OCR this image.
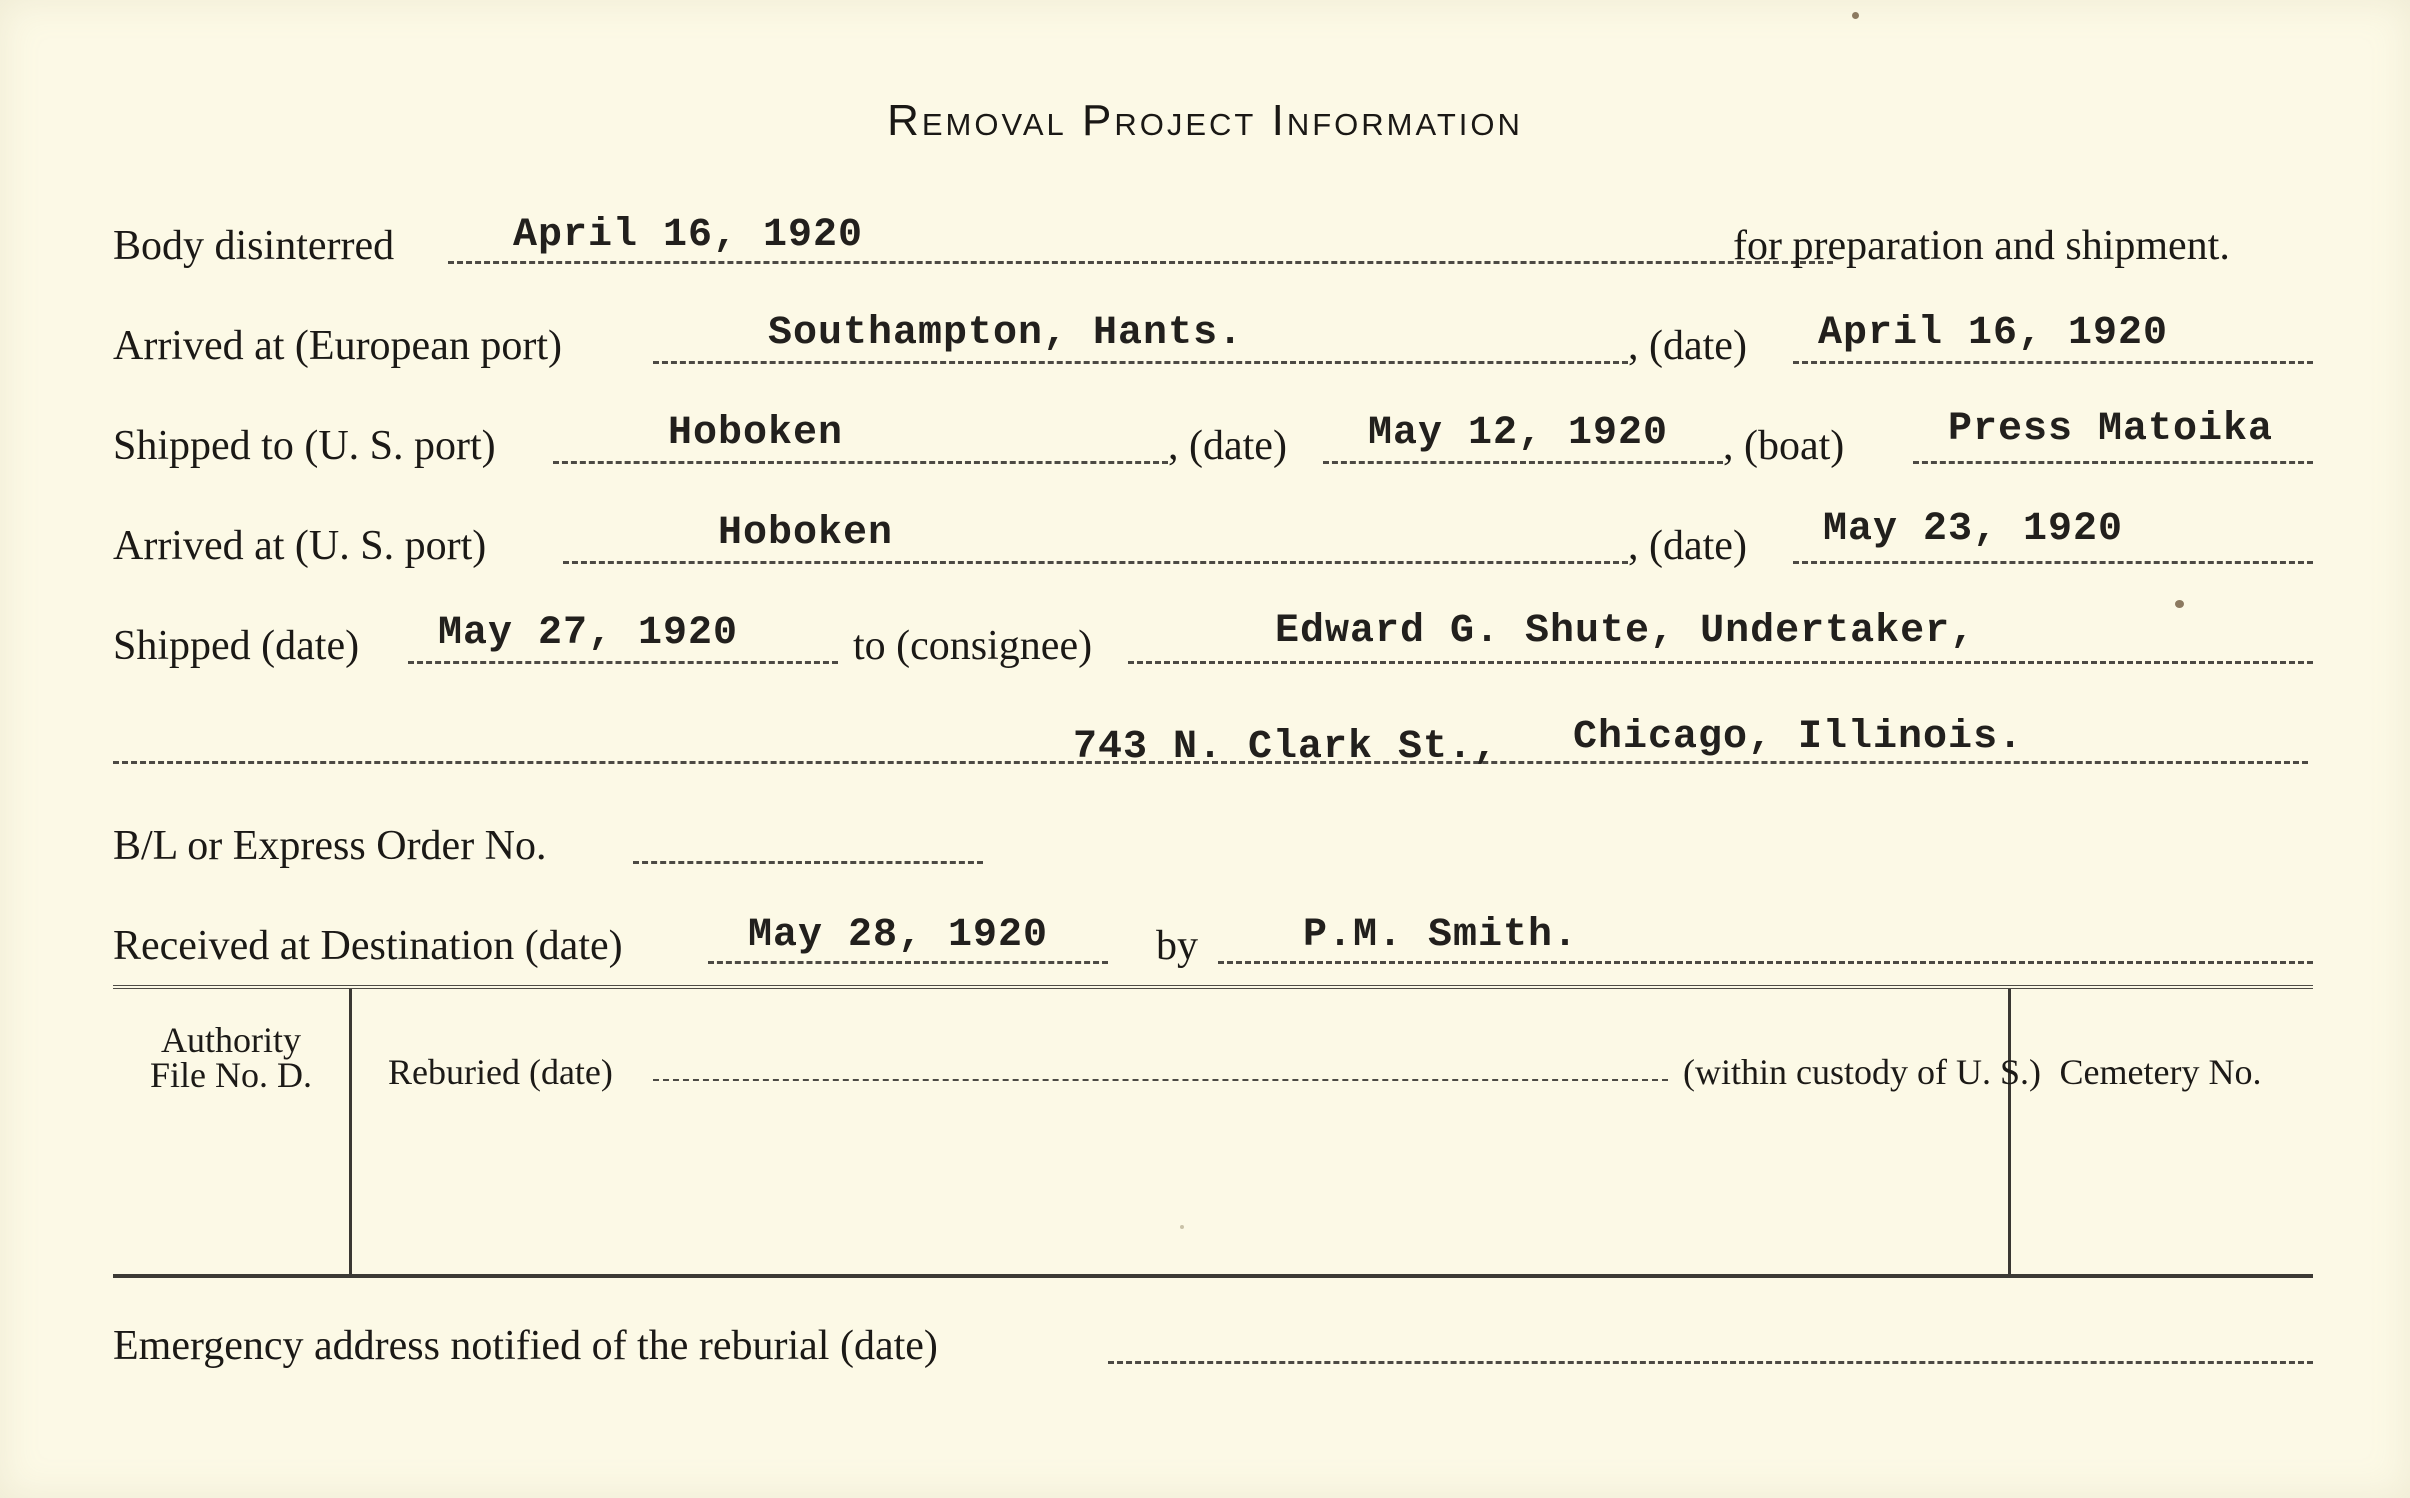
Removal Project Information
Body disinterred	April 16, 1920	for preparation and shipment.
Arrived at (European port)	Southampton, Hants.	, (date) April 16, 1920
Shipped to (U. S. port)	Hoboken	, (date) May 12, 1920 , (boat)	Press Matoika
Arrived at (U. S. port)	Hoboken	, (date) May 23, 1920
Shipped (date) May 27, 1920	to (consignee)	Edward G. Shute, Undertaker,
743 N. Clark St., Chicago, Illinois.
B/L or Express Order No.
Received at Destination (date)	May 28, 1920	by	P.M. Smith.
Authority
File No. D.	Reburied (date)	(within custody of U. S.) Cemetery No.
Emergency address notified of the reburial (date)
